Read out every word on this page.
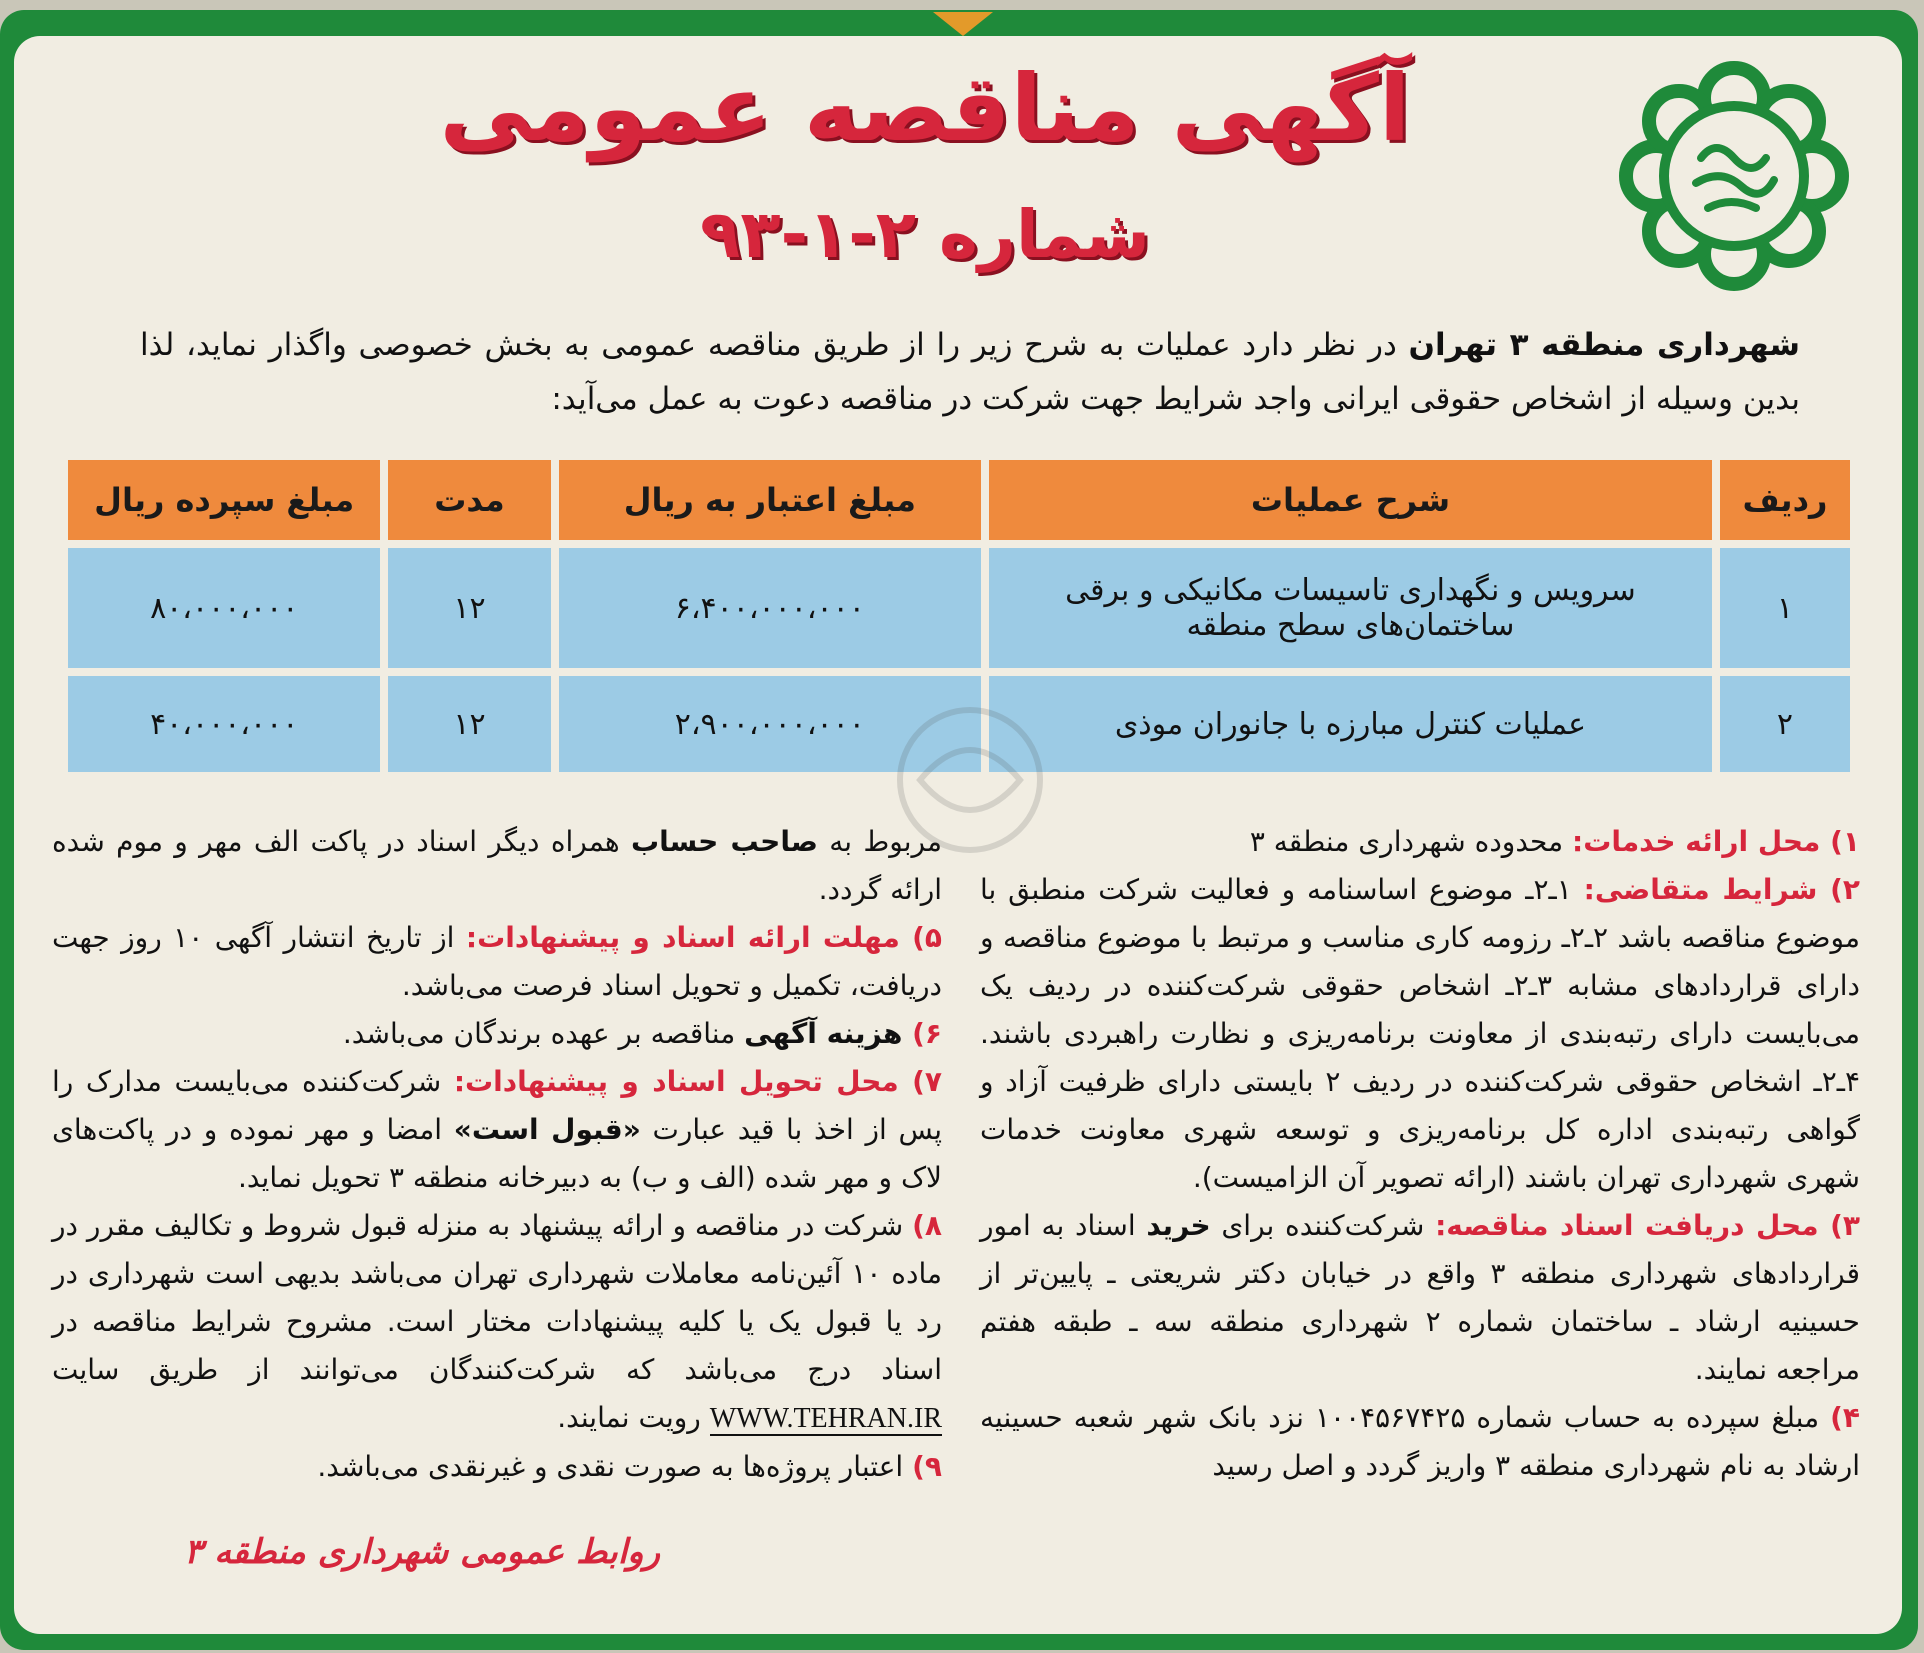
آگهی مناقصه عمومی
شماره ۲-۱-۹۳
شهرداری منطقه ۳ تهران در نظر دارد عملیات به شرح زیر را از طریق مناقصه عمومی به بخش خصوصی واگذار نماید، لذا بدین وسیله از اشخاص حقوقی ایرانی واجد شرایط جهت شرکت در مناقصه دعوت به عمل می‌آید:
ردیف	شرح عملیات	مبلغ اعتبار به ریال	مدت	مبلغ سپرده ریال
۱	سرویس و نگهداری تاسیسات مکانیکی و برقی ساختمان‌های سطح منطقه	۶،۴۰۰،۰۰۰،۰۰۰	۱۲	۸۰،۰۰۰،۰۰۰
۲	عملیات کنترل مبارزه با جانوران موذی	۲،۹۰۰،۰۰۰،۰۰۰	۱۲	۴۰،۰۰۰،۰۰۰
۱) محل ارائه خدمات: محدوده شهرداری منطقه ۳
۲) شرایط متقاضی: ۱ـ۲ـ موضوع اساسنامه و فعالیت شرکت منطبق با موضوع مناقصه باشد ۲ـ۲ـ رزومه کاری مناسب و مرتبط با موضوع مناقصه و دارای قراردادهای مشابه ۳ـ۲ـ اشخاص حقوقی شرکت‌کننده در ردیف یک می‌بایست دارای رتبه‌بندی از معاونت برنامه‌ریزی و نظارت راهبردی باشند. ۴ـ۲ـ اشخاص حقوقی شرکت‌کننده در ردیف ۲ بایستی دارای ظرفیت آزاد و گواهی رتبه‌بندی اداره کل برنامه‌ریزی و توسعه شهری معاونت خدمات شهری شهرداری تهران باشند (ارائه تصویر آن الزامیست).
۳) محل دریافت اسناد مناقصه: شرکت‌کننده برای خرید اسناد به امور قراردادهای شهرداری منطقه ۳ واقع در خیابان دکتر شریعتی ـ پایین‌تر از حسینیه ارشاد ـ ساختمان شماره ۲ شهرداری منطقه سه ـ طبقه هفتم مراجعه نمایند.
۴) مبلغ سپرده به حساب شماره ۱۰۰۴۵۶۷۴۲۵ نزد بانک شهر شعبه حسینیه ارشاد به نام شهرداری منطقه ۳ واریز گردد و اصل رسید
مربوط به صاحب حساب همراه دیگر اسناد در پاکت الف مهر و موم شده ارائه گردد.
۵) مهلت ارائه اسناد و پیشنهادات: از تاریخ انتشار آگهی ۱۰ روز جهت دریافت، تکمیل و تحویل اسناد فرصت می‌باشد.
۶) هزینه آگهی مناقصه بر عهده برندگان می‌باشد.
۷) محل تحویل اسناد و پیشنهادات: شرکت‌کننده می‌بایست مدارک را پس از اخذ با قید عبارت «قبول است» امضا و مهر نموده و در پاکت‌های لاک و مهر شده (الف و ب) به دبیرخانه منطقه ۳ تحویل نماید.
۸) شرکت در مناقصه و ارائه پیشنهاد به منزله قبول شروط و تکالیف مقرر در ماده ۱۰ آئین‌نامه معاملات شهرداری تهران می‌باشد بدیهی است شهرداری در رد یا قبول یک یا کلیه پیشنهادات مختار است. مشروح شرایط مناقصه در اسناد درج می‌باشد که شرکت‌کنندگان می‌توانند از طریق سایت WWW.TEHRAN.IR رویت نمایند.
۹) اعتبار پروژه‌ها به صورت نقدی و غیرنقدی می‌باشد.
روابط عمومی شهرداری منطقه ۳
